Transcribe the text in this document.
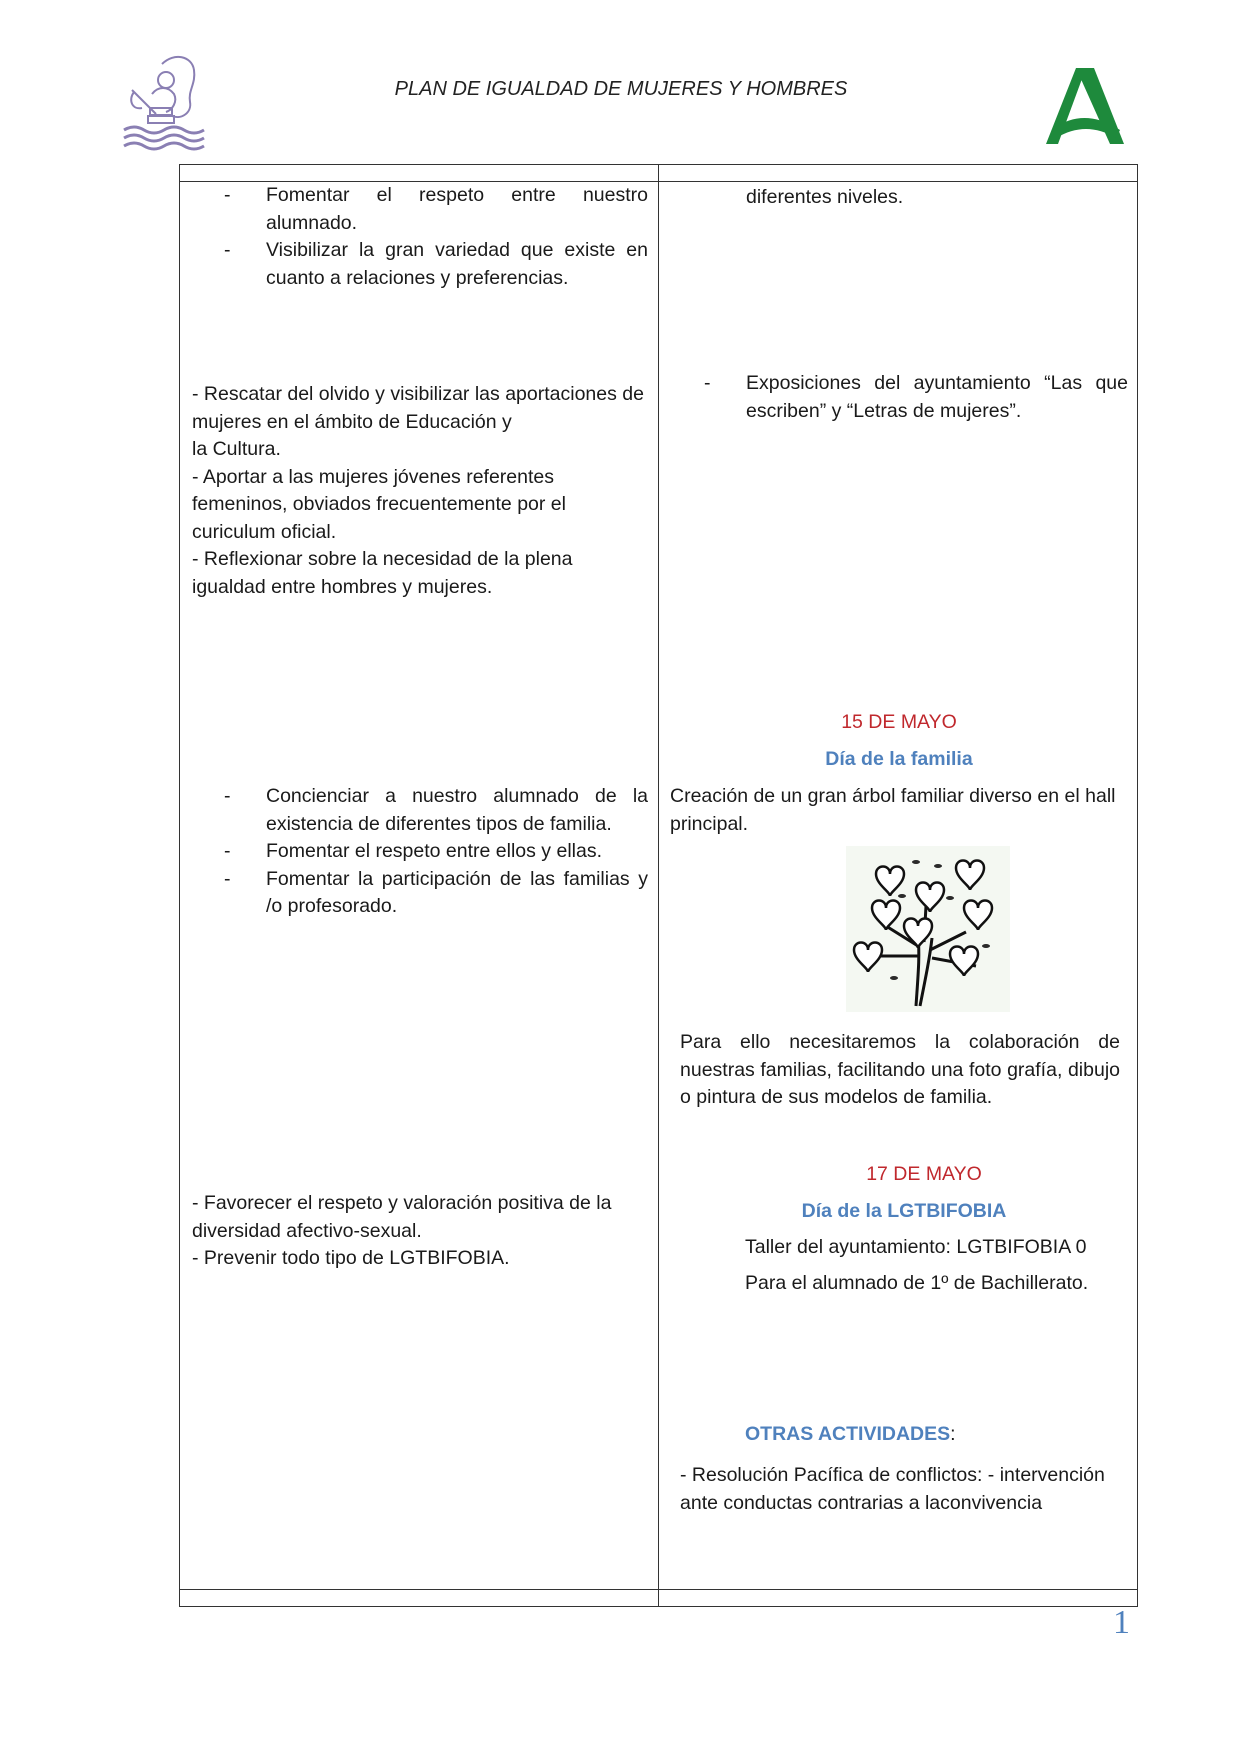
PLAN DE IGUALDAD DE MUJERES Y HOMBRES
- Fomentar el respeto entre nuestro alumnado.
- Visibilizar la gran variedad que existe en cuanto a relaciones y preferencias.

- Rescatar del olvido y visibilizar las aportaciones de mujeres en el ámbito de Educación y

la Cultura.

- Aportar a las mujeres jóvenes referentes femeninos, obviados frecuentemente por el curiculum oficial.

- Reflexionar sobre la necesidad de la plena igualdad entre hombres y mujeres.

- Concienciar a nuestro alumnado de la existencia de diferentes tipos de familia.
- Fomentar el respeto entre ellos y ellas.
- Fomentar la participación de las familias y /o profesorado.

- Favorecer el respeto y valoración positiva de la diversidad afectivo-sexual.

- Prevenir todo tipo de LGTBIFOBIA.

diferentes niveles.
- Exposiciones del ayuntamiento “Las que escriben” y “Letras de mujeres”.
15 DE MAYO
Día de la familia
Creación de un gran árbol familiar diverso en el hall principal.
Para ello necesitaremos la colaboración de nuestras familias, facilitando una foto grafía, dibujo o pintura de sus modelos de familia.
17 DE MAYO
Día de la LGTBIFOBIA
Taller del ayuntamiento: LGTBIFOBIA 0
Para el alumnado de 1º de Bachillerato.
OTRAS ACTIVIDADES:
- Resolución Pacífica de conflictos: - intervención ante conductas contrarias a laconvivencia
1
